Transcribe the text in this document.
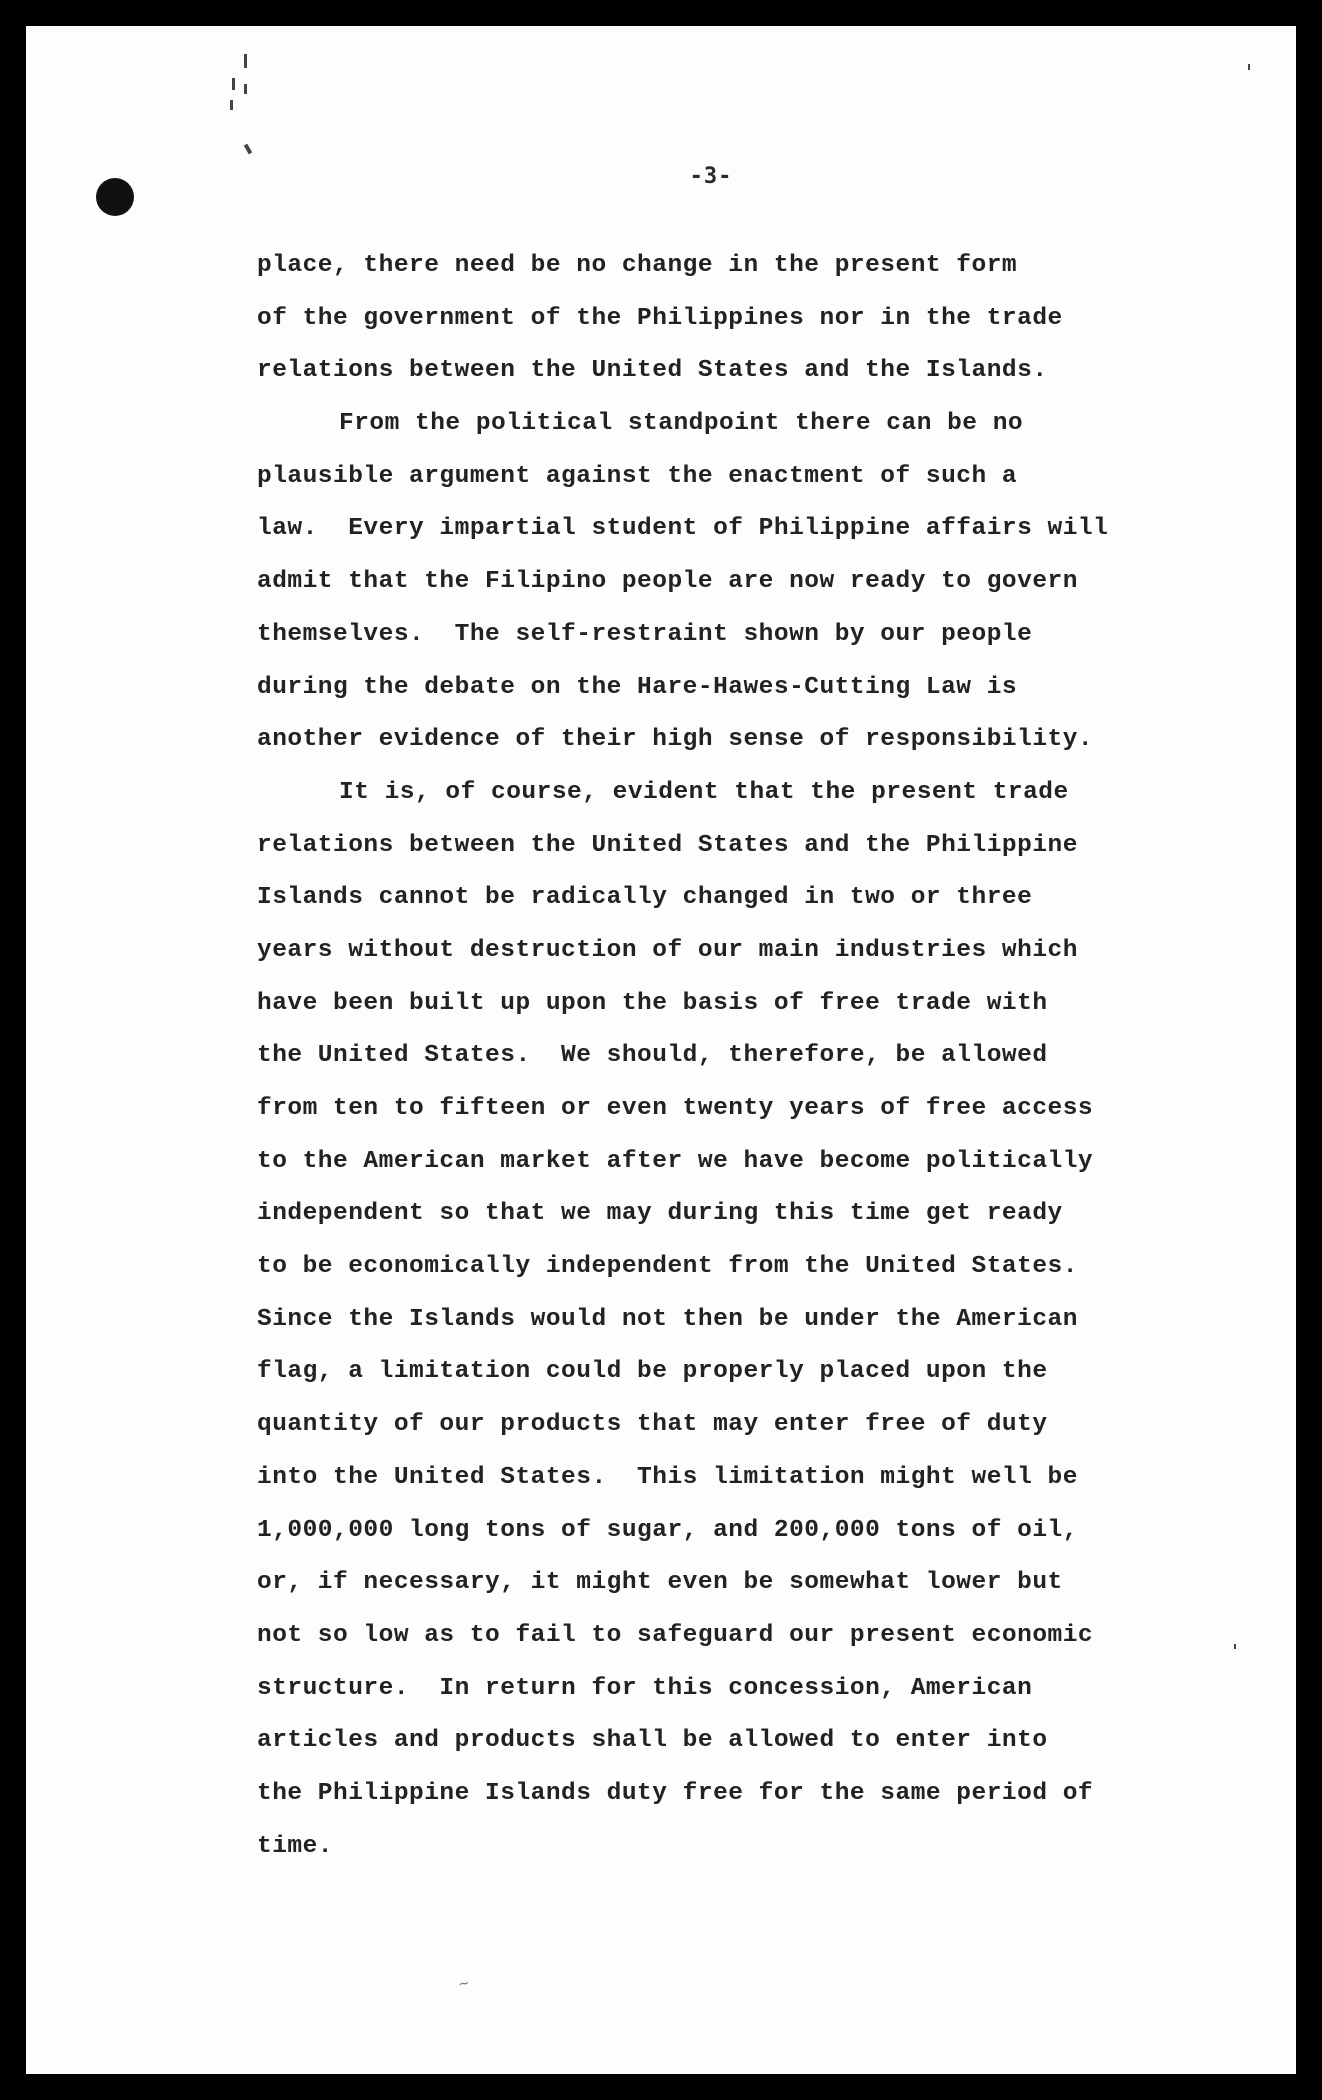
-3-
place, there need be no change in the present form
of the government of the Philippines nor in the trade
relations between the United States and the Islands.
From the political standpoint there can be no
plausible argument against the enactment of such a
law.  Every impartial student of Philippine affairs will
admit that the Filipino people are now ready to govern
themselves.  The self-restraint shown by our people
during the debate on the Hare-Hawes-Cutting Law is
another evidence of their high sense of responsibility.
It is, of course, evident that the present trade
relations between the United States and the Philippine
Islands cannot be radically changed in two or three
years without destruction of our main industries which
have been built up upon the basis of free trade with
the United States.  We should, therefore, be allowed
from ten to fifteen or even twenty years of free access
to the American market after we have become politically
independent so that we may during this time get ready
to be economically independent from the United States.
Since the Islands would not then be under the American
flag, a limitation could be properly placed upon the
quantity of our products that may enter free of duty
into the United States.  This limitation might well be
1,000,000 long tons of sugar, and 200,000 tons of oil,
or, if necessary, it might even be somewhat lower but
not so low as to fail to safeguard our present economic
structure.  In return for this concession, American
articles and products shall be allowed to enter into
the Philippine Islands duty free for the same period of
time.
~
